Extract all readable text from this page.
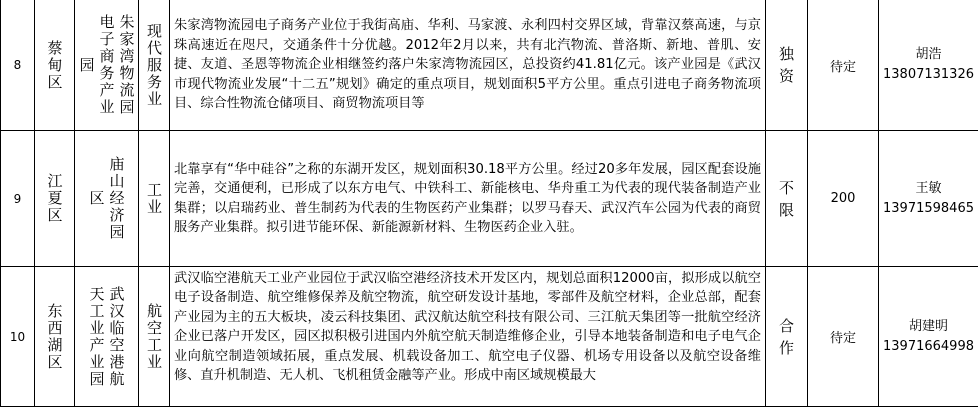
8	蔡甸区	朱家湾物流园电子商务产业园	现代服务业	朱家湾物流园电子商务产业位于我街高庙、华利、马家渡、永利四村交界区域，背靠汉蔡高速，与京珠高速近在咫尺，交通条件十分优越。2012年2月以来，共有北汽物流、普洛斯、新地、普肌、安捷、友道、圣恩等物流企业相继签约落户朱家湾物流园区，总投资约41.81亿元。该产业园是《武汉市现代物流业发展“十二五”规划》确定的重点项目，规划面积5平方公里。重点引进电子商务物流项目、综合性物流仓储项目、商贸物流项目等	独资	待定	胡浩
13807131326

9	江夏区	庙山经济园区	工业	北靠享有“华中硅谷”之称的东湖开发区，规划面积30.18平方公里。经过20多年发展，园区配套设施完善，交通便利，已形成了以东方电气、中铁科工、新能核电、华舟重工为代表的现代装备制造产业集群；以启瑞药业、普生制药为代表的生物医药产业集群；以罗马春天、武汉汽车公园为代表的商贸服务产业集群。拟引进节能环保、新能源新材料、生物医药企业入驻。	不限	200	王敏
13971598465

10	东西湖区	武汉临空港航天工业产业园	航空工业	武汉临空港航天工业产业园位于武汉临空港经济技术开发区内，规划总面积12000亩，拟形成以航空电子设备制造、航空维修保养及航空物流，航空研发设计基地，零部件及航空材料，企业总部，配套产业园为主的五大板块，凌云科技集团、武汉航达航空科技有限公司、三江航天集团等一批航空经济企业已落户开发区，园区拟积极引进国内外航空航天制造维修企业，引导本地装备制造和电子电气企业向航空制造领域拓展，重点发展、机载设备加工、航空电子仪器、机场专用设备以及航空设备维修、直升机制造、无人机、飞机租赁金融等产业。形成中南区域规模最大	合作	待定	胡建明
13971664998
